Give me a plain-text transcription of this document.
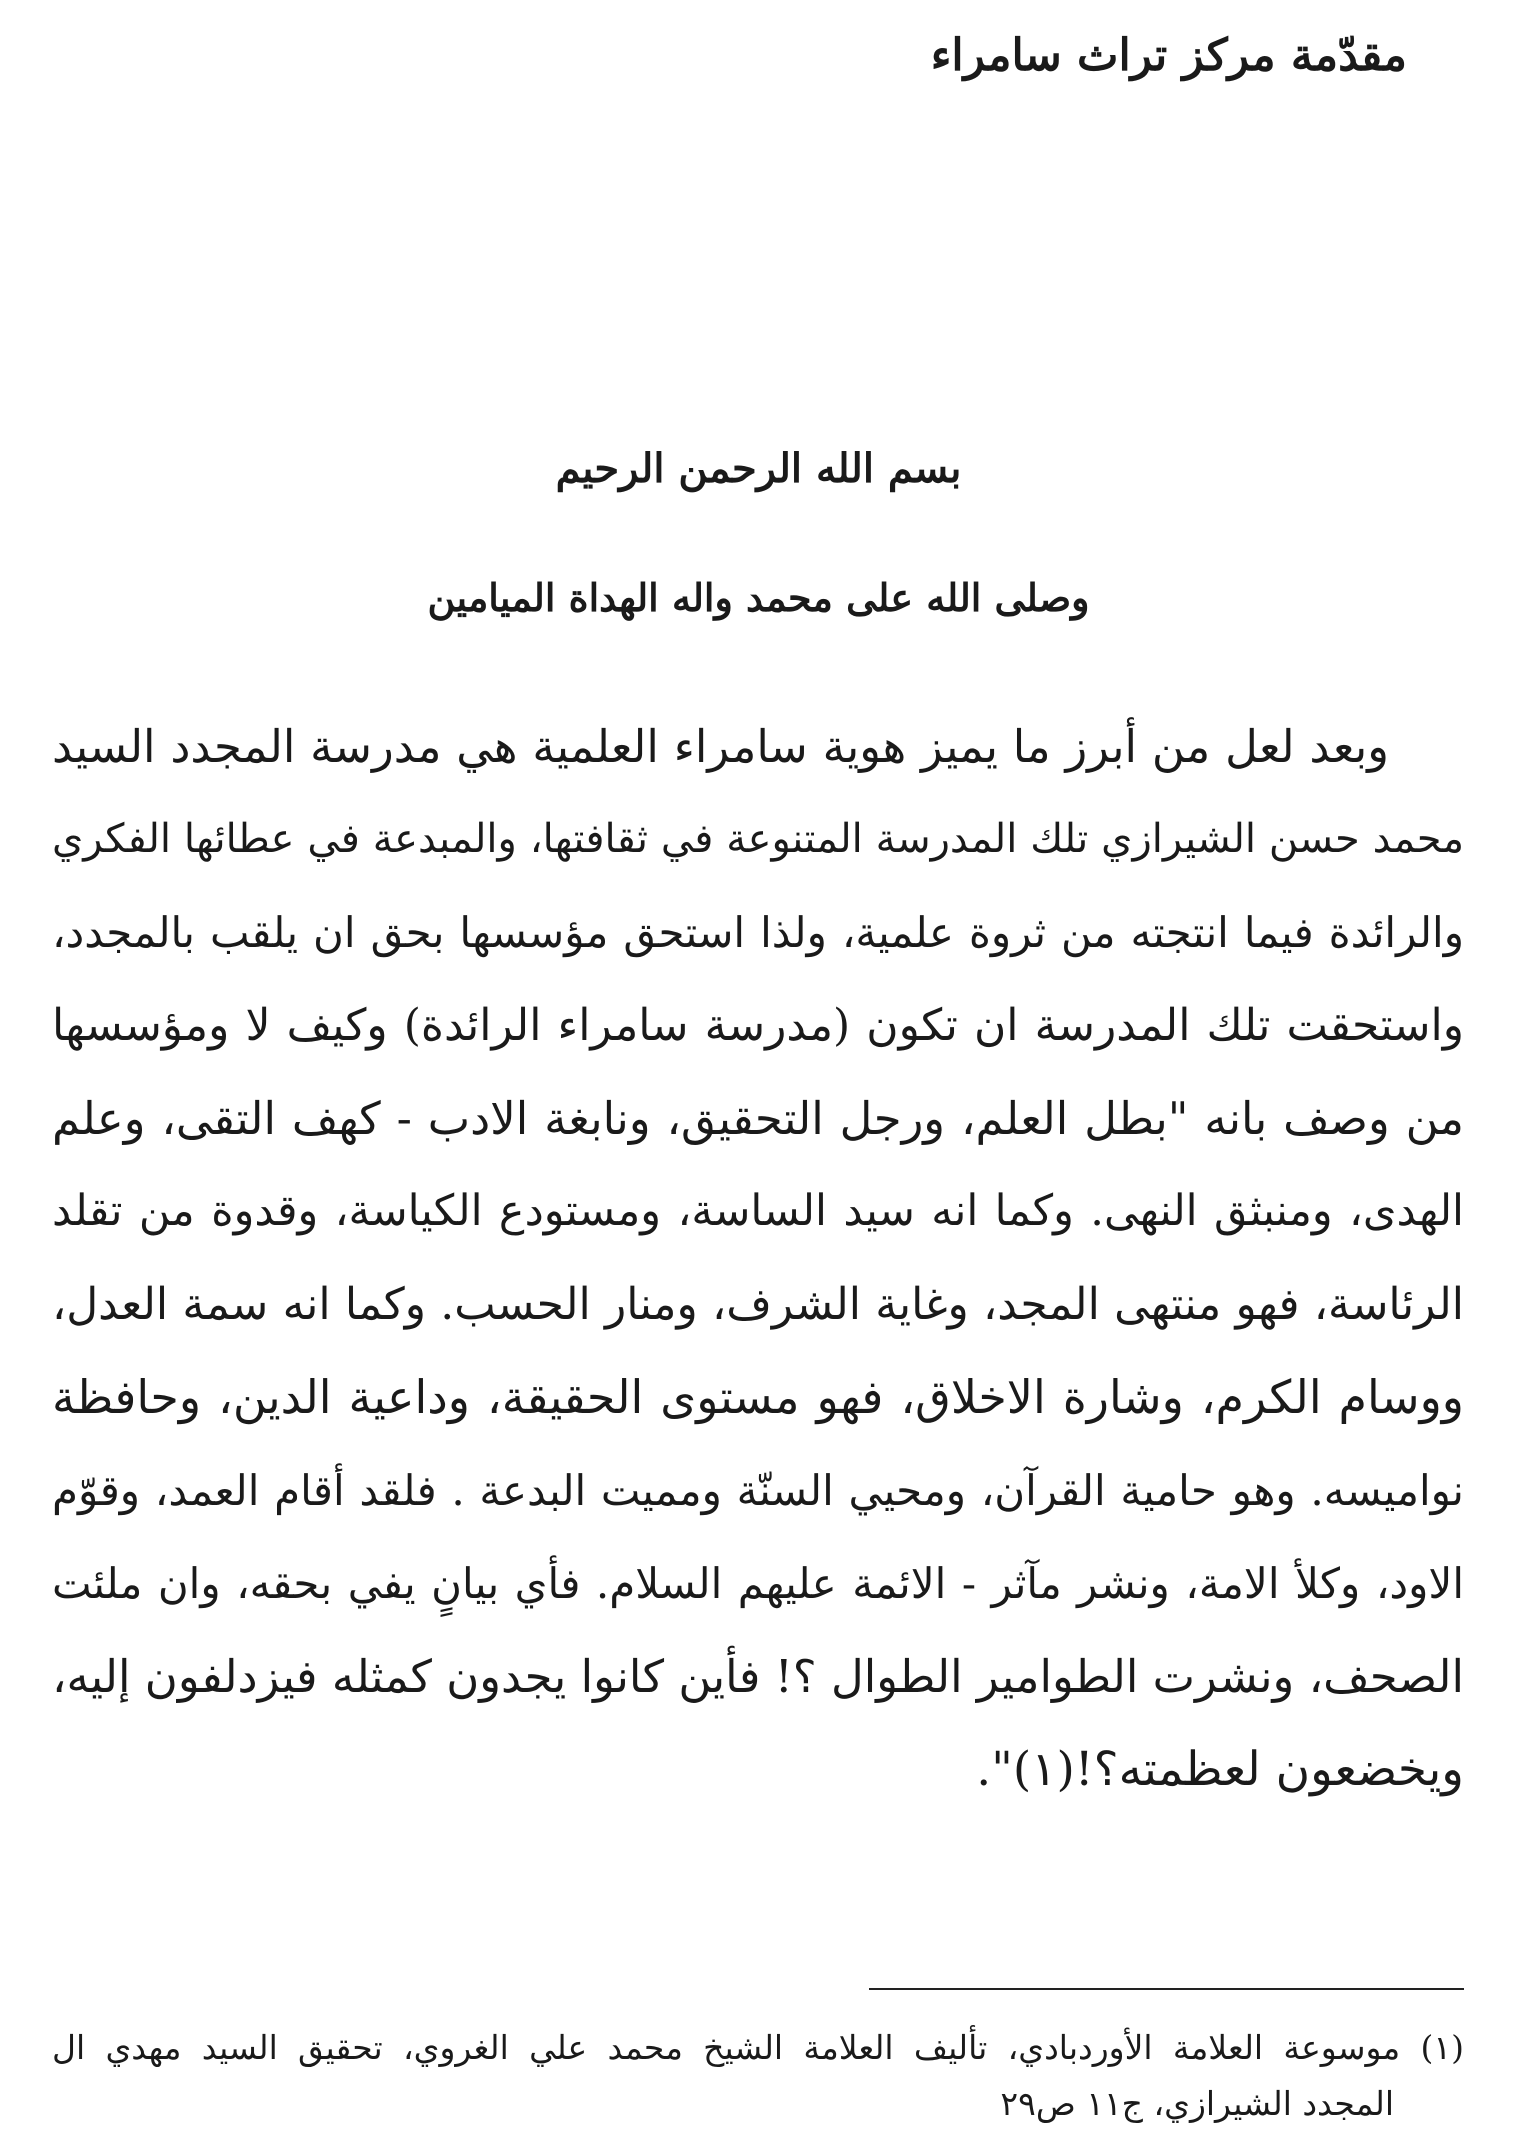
مقدّمة مركز تراث سامراء
بسم الله الرحمن الرحيم
وصلى الله على محمد واله الهداة الميامين
وبعد لعل من أبرز ما يميز هوية سامراء العلمية هي مدرسة المجدد السيد
محمد حسن الشيرازي تلك المدرسة المتنوعة في ثقافتها، والمبدعة في عطائها الفكري
والرائدة فيما انتجته من ثروة علمية، ولذا استحق مؤسسها بحق ان يلقب بالمجدد،
واستحقت تلك المدرسة ان تكون (مدرسة سامراء الرائدة) وكيف لا ومؤسسها
من وصف بانه "بطل العلم، ورجل التحقيق، ونابغة الادب - كهف التقى، وعلم
الهدى، ومنبثق النهى. وكما انه سيد الساسة، ومستودع الكياسة، وقدوة من تقلد
الرئاسة، فهو منتهى المجد، وغاية الشرف، ومنار الحسب. وكما انه سمة العدل،
ووسام الكرم، وشارة الاخلاق، فهو مستوى الحقيقة، وداعية الدين، وحافظة
نواميسه. وهو حامية القرآن، ومحيي السنّة ومميت البدعة . فلقد أقام العمد، وقوّم
الاود، وكلأ الامة، ونشر مآثر - الائمة عليهم السلام. فأي بيانٍ يفي بحقه، وان ملئت
الصحف، ونشرت الطوامير الطوال ؟! فأين كانوا يجدون كمثله فيزدلفون إليه،
ويخضعون لعظمته؟!(١)".
(١) موسوعة العلامة الأوردبادي، تأليف العلامة الشيخ محمد علي الغروي، تحقيق السيد مهدي ال
المجدد الشيرازي، ج١١ ص٢٩
